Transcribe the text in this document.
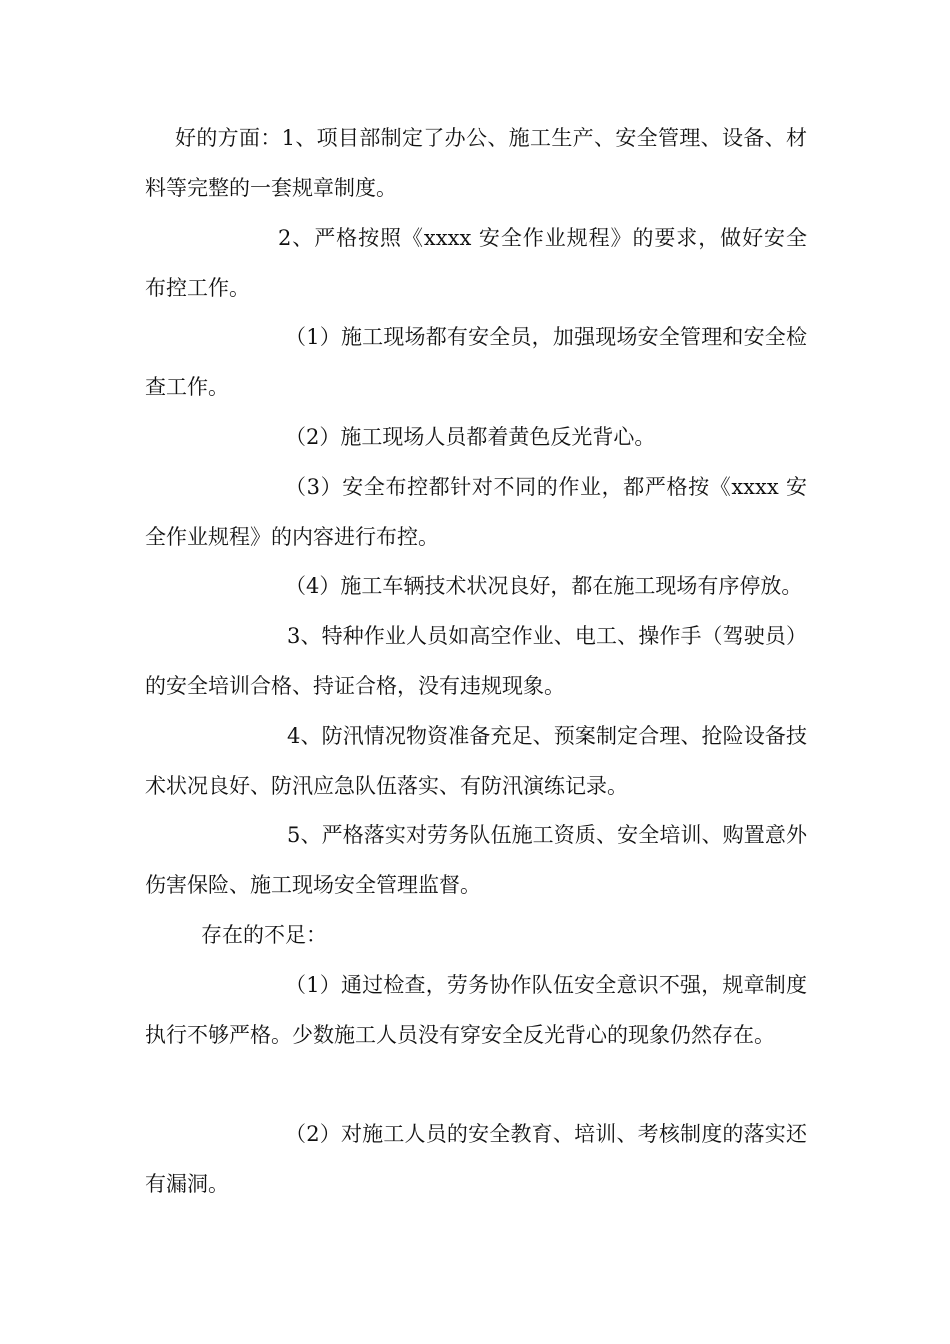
好的方面：1、项目部制定了办公、施工生产、安全管理、设备、材料等完整的一套规章制度。

2、严格按照《xxxx 安全作业规程》的要求，做好安全布控工作。

（1）施工现场都有安全员，加强现场安全管理和安全检查工作。

（2）施工现场人员都着黄色反光背心。

（3）安全布控都针对不同的作业，都严格按《xxxx 安全作业规程》的内容进行布控。

（4）施工车辆技术状况良好，都在施工现场有序停放。

3、特种作业人员如高空作业、电工、操作手（驾驶员）的安全培训合格、持证合格，没有违规现象。

4、防汛情况物资准备充足、预案制定合理、抢险设备技术状况良好、防汛应急队伍落实、有防汛演练记录。

5、严格落实对劳务队伍施工资质、安全培训、购置意外伤害保险、施工现场安全管理监督。

存在的不足：

（1）通过检查，劳务协作队伍安全意识不强，规章制度执行不够严格。少数施工人员没有穿安全反光背心的现象仍然存在。

（2）对施工人员的安全教育、培训、考核制度的落实还有漏洞。
